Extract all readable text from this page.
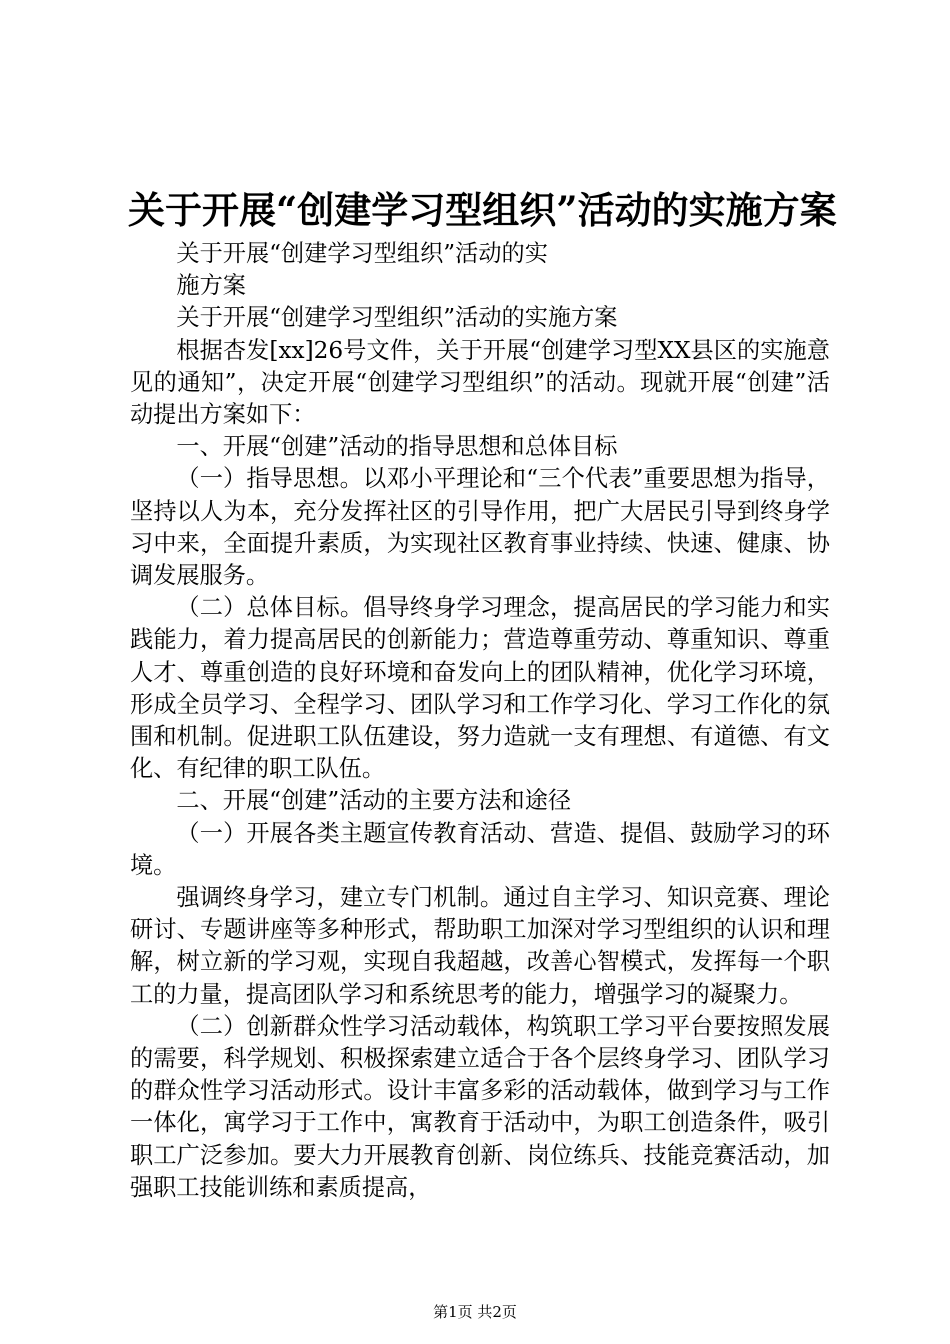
关于开展“创建学习型组织”活动的实施方案

关于开展“创建学习型组织”活动的实

施方案

关于开展“创建学习型组织”活动的实施方案

根据杏发[xx]26号文件，关于开展“创建学习型XX县区的实施意见的通知”，决定开展“创建学习型组织”的活动。现就开展“创建”活动提出方案如下：

一、开展“创建”活动的指导思想和总体目标

（一）指导思想。以邓小平理论和“三个代表”重要思想为指导，坚持以人为本，充分发挥社区的引导作用，把广大居民引导到终身学习中来，全面提升素质，为实现社区教育事业持续、快速、健康、协调发展服务。

（二）总体目标。倡导终身学习理念，提高居民的学习能力和实践能力，着力提高居民的创新能力；营造尊重劳动、尊重知识、尊重人才、尊重创造的良好环境和奋发向上的团队精神，优化学习环境，形成全员学习、全程学习、团队学习和工作学习化、学习工作化的氛围和机制。促进职工队伍建设，努力造就一支有理想、有道德、有文化、有纪律的职工队伍。

二、开展“创建”活动的主要方法和途径

（一）开展各类主题宣传教育活动、营造、提倡、鼓励学习的环境。

强调终身学习，建立专门机制。通过自主学习、知识竞赛、理论研讨、专题讲座等多种形式，帮助职工加深对学习型组织的认识和理解，树立新的学习观，实现自我超越，改善心智模式，发挥每一个职工的力量，提高团队学习和系统思考的能力，增强学习的凝聚力。

（二）创新群众性学习活动载体，构筑职工学习平台要按照发展的需要，科学规划、积极探索建立适合于各个层终身学习、团队学习的群众性学习活动形式。设计丰富多彩的活动载体，做到学习与工作一体化，寓学习于工作中，寓教育于活动中，为职工创造条件，吸引职工广泛参加。要大力开展教育创新、岗位练兵、技能竞赛活动，加强职工技能训练和素质提高，

第1页 共2页
